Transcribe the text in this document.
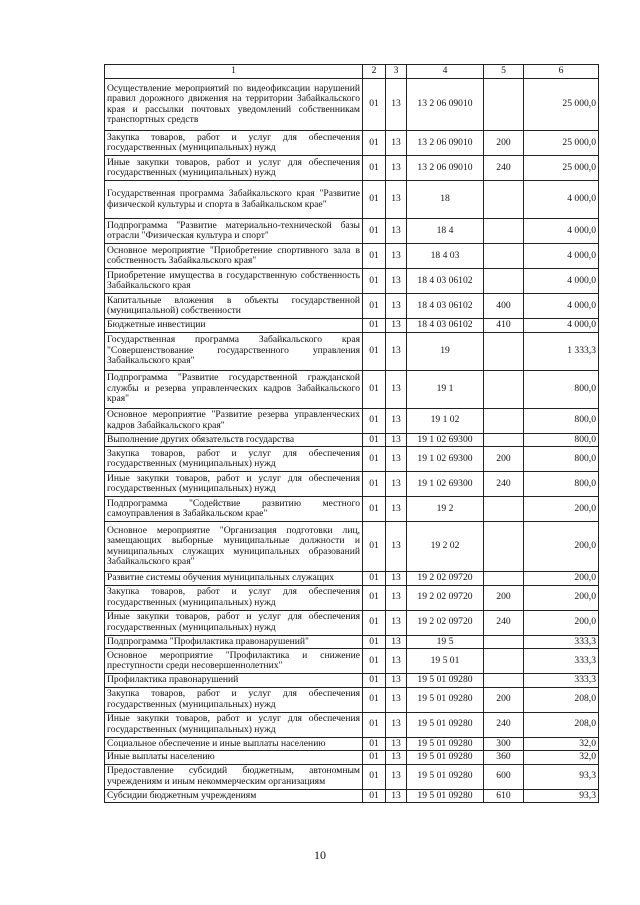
1	2	3	4	5	6
Осуществление мероприятий по видеофиксации нарушений правил дорожного движения на территории Забайкальского края и рассылки почтовых уведомлений собственникам транспортных средств	01	13	13 2 06 09010		25 000,0
Закупка товаров, работ и услуг для обеспечения государственных (муниципальных) нужд	01	13	13 2 06 09010	200	25 000,0
Иные закупки товаров, работ и услуг для обеспечения государственных (муниципальных) нужд	01	13	13 2 06 09010	240	25 000,0
Государственная программа Забайкальского края "Развитие физической культуры и спорта в Забайкальском крае"	01	13	18		4 000,0
Подпрограмма "Развитие материально-технической базы отрасли "Физическая культура и спорт"	01	13	18 4		4 000,0
Основное мероприятие "Приобретение спортивного зала в собственность Забайкальского края"	01	13	18 4 03		4 000,0
Приобретение имущества в государственную собственность Забайкальского края	01	13	18 4 03 06102		4 000,0
Капитальные вложения в объекты государственной (муниципальной) собственности	01	13	18 4 03 06102	400	4 000,0
Бюджетные инвестиции	01	13	18 4 03 06102	410	4 000,0
Государственная программа Забайкальского края "Совершенствование государственного управления Забайкальского края"	01	13	19		1 333,3
Подпрограмма "Развитие государственной гражданской службы и резерва управленческих кадров Забайкальского края"	01	13	19 1		800,0
Основное мероприятие "Развитие резерва управленческих кадров Забайкальского края"	01	13	19 1 02		800,0
Выполнение других обязательств государства	01	13	19 1 02 69300		800,0
Закупка товаров, работ и услуг для обеспечения государственных (муниципальных) нужд	01	13	19 1 02 69300	200	800,0
Иные закупки товаров, работ и услуг для обеспечения государственных (муниципальных) нужд	01	13	19 1 02 69300	240	800,0
Подпрограмма "Содействие развитию местного самоуправления в Забайкальском крае"	01	13	19 2		200,0
Основное мероприятие "Организация подготовки лиц, замещающих выборные муниципальные должности и муниципальных служащих муниципальных образований Забайкальского края"	01	13	19 2 02		200,0
Развитие системы обучения муниципальных служащих	01	13	19 2 02 09720		200,0
Закупка товаров, работ и услуг для обеспечения государственных (муниципальных) нужд	01	13	19 2 02 09720	200	200,0
Иные закупки товаров, работ и услуг для обеспечения государственных (муниципальных) нужд	01	13	19 2 02 09720	240	200,0
Подпрограмма "Профилактика правонарушений"	01	13	19 5		333,3
Основное мероприятие "Профилактика и снижение преступности среди несовершеннолетних"	01	13	19 5 01		333,3
Профилактика правонарушений	01	13	19 5 01 09280		333,3
Закупка товаров, работ и услуг для обеспечения государственных (муниципальных) нужд	01	13	19 5 01 09280	200	208,0
Иные закупки товаров, работ и услуг для обеспечения государственных (муниципальных) нужд	01	13	19 5 01 09280	240	208,0
Социальное обеспечение и иные выплаты населению	01	13	19 5 01 09280	300	32,0
Иные выплаты населению	01	13	19 5 01 09280	360	32,0
Предоставление субсидий бюджетным, автономным учреждениям и иным некоммерческим организациям	01	13	19 5 01 09280	600	93,3
Субсидии бюджетным учреждениям	01	13	19 5 01 09280	610	93,3
10
